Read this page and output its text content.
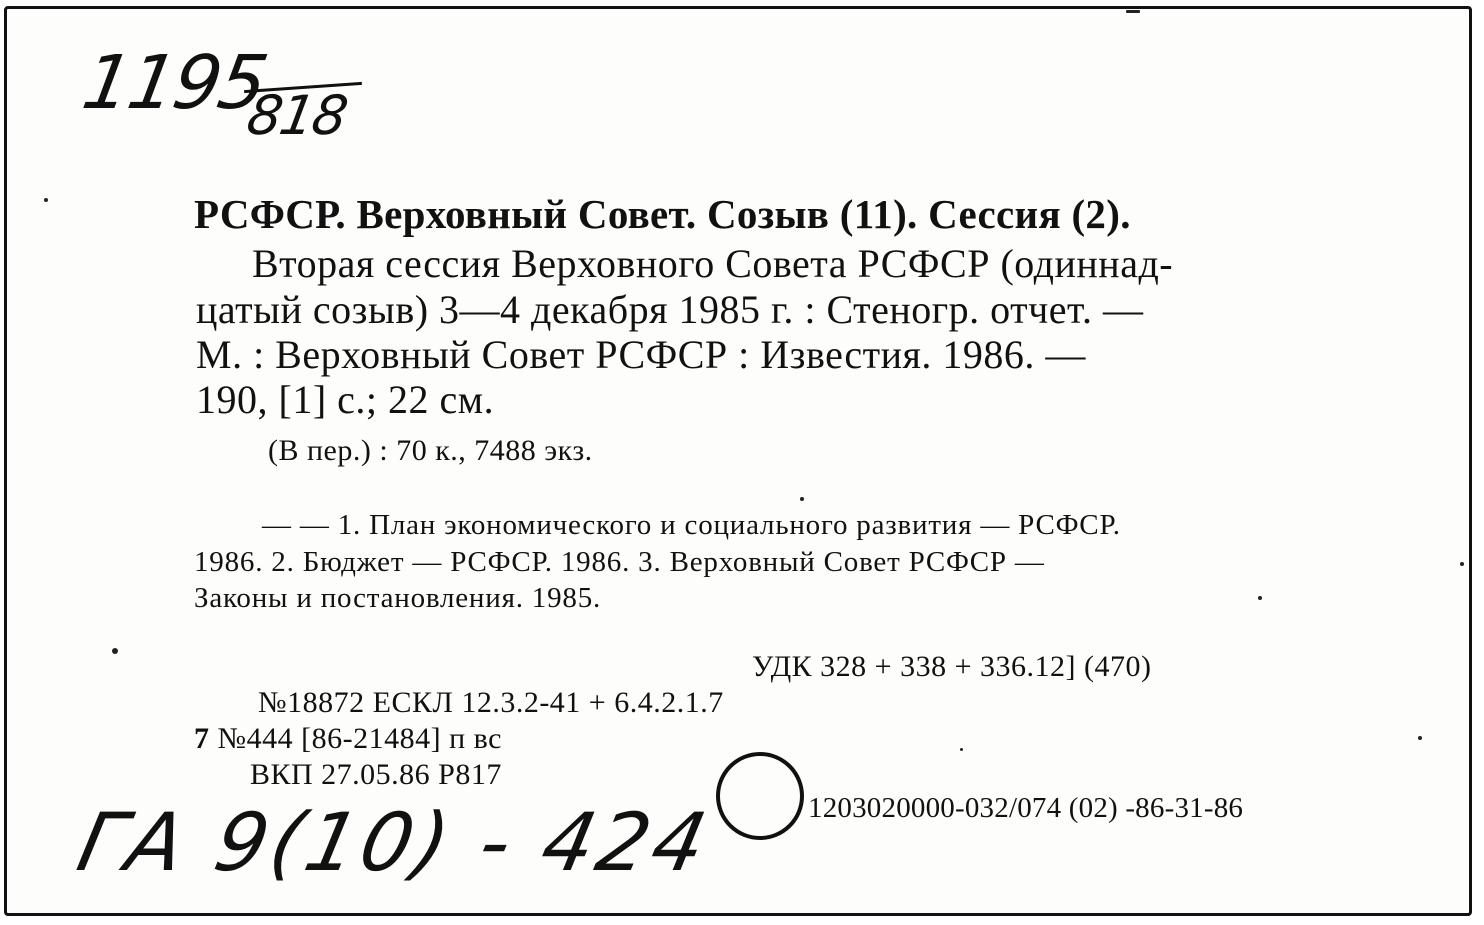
1195
818
РСФСР. Верховный Совет. Созыв (11). Сессия (2).
Вторая сессия Верховного Совета РСФСР (одиннад-
цатый созыв) 3—4 декабря 1985 г. : Стеногр. отчет. —
М. : Верховный Совет РСФСР : Известия. 1986. —
190, [1] с.; 22 см.
(В пер.) : 70 к., 7488 экз.
— — 1. План экономического и социального развития — РСФСР.
1986. 2. Бюджет — РСФСР. 1986. 3. Верховный Совет РСФСР —
Законы и постановления. 1985.
УДК 328 + 338 + 336.12] (470)
№18872 ЕСКЛ 12.3.2-41 + 6.4.2.1.7
7 №444 [86-21484] п вс
ВКП 27.05.86 Р817
1203020000-032/074 (02) -86-31-86
ГА 9(10) - 424
